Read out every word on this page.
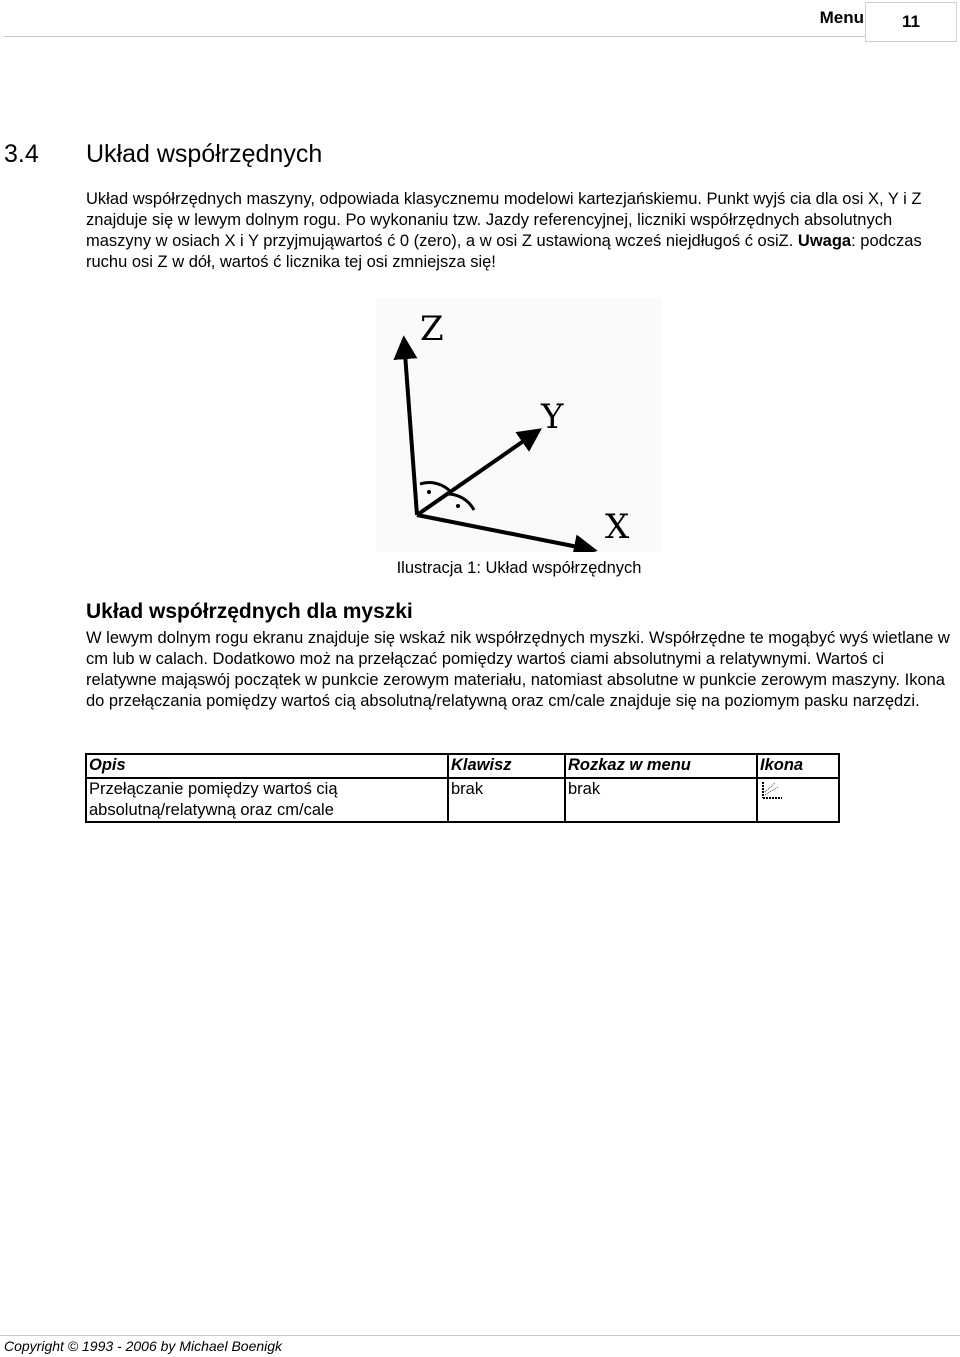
Menu	11
3.4 Układ współrzędnych

Układ współrzędnych maszyny, odpowiada klasycznemu modelowi kartezjańskiemu. Punkt wyjś cia dla osi X, Y i Z znajduje się w lewym dolnym rogu. Po wykonaniu tzw. Jazdy referencyjnej, liczniki współrzędnych absolutnych maszyny w osiach X i Y przyjmująwartoś ć 0 (zero), a w osi Z ustawioną wcześ niejdługoś ć osiZ. Uwaga: podczas ruchu osi Z w dół, wartoś ć licznika tej osi zmniejsza się!

Z
Y
X
Ilustracja 1: Układ współrzędnych
Układ współrzędnych dla myszki

W lewym dolnym rogu ekranu znajduje się wskaź nik współrzędnych myszki. Współrzędne te mogąbyć wyś wietlane w cm lub w calach. Dodatkowo moż na przełączać pomiędzy wartoś ciami absolutnymi a relatywnymi. Wartoś ci relatywne mająswój początek w punkcie zerowym materiału, natomiast absolutne w punkcie zerowym maszyny. Ikona do przełączania pomiędzy wartoś cią absolutną/relatywną oraz cm/cale znajduje się na poziomym pasku narzędzi.

Opis	Klawisz	Rozkaz w menu	Ikona
Przełączanie pomiędzy wartoś cią absolutną/relatywną oraz cm/cale	brak	brak	
Copyright © 1993 - 2006 by Michael Boenigk
